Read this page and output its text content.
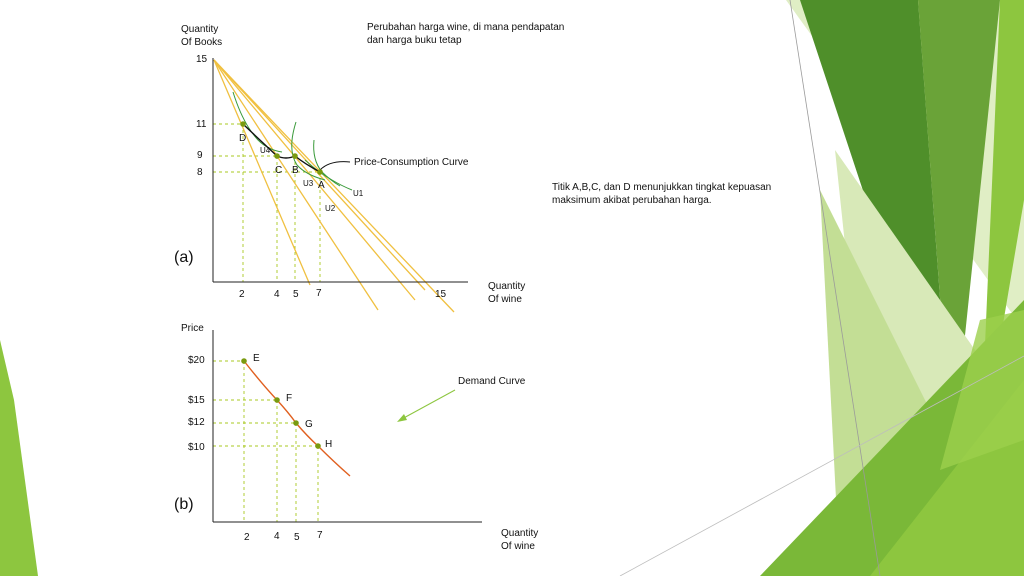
Perubahan harga wine, di mana pendapatan
dan harga buku tetap
Titik A,B,C, dan D menunjukkan tingkat kepuasan
maksimum akibat perubahan harga.
Quantity
Of Books
15
11
9
8
2	4 5 7	15
Quantity
Of wine
(a)
D
C B
A
U4
U3
U1
U2
Price-Consumption Curve
Price
$20
$15
$12
$10
2 4 5 7	Quantity
Of wine
(b)
E
F
G
H
Demand Curve
